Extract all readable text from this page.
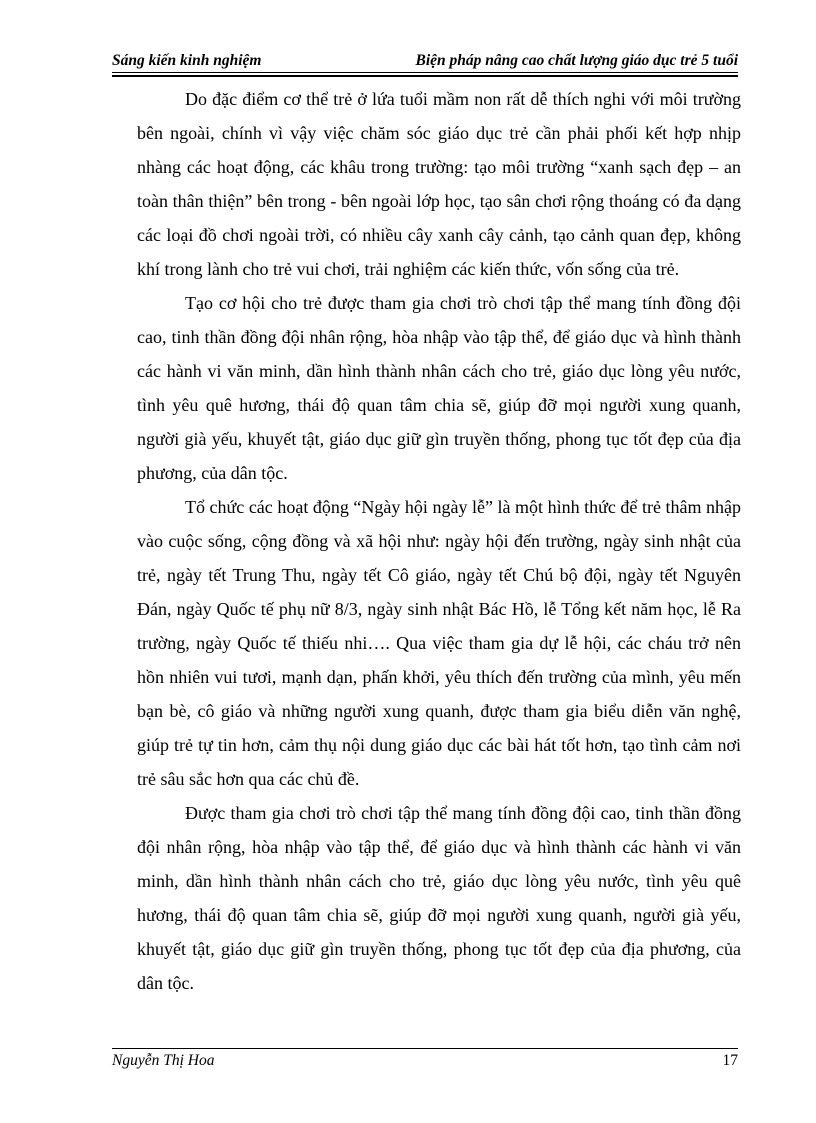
Sáng kiến kinh nghiệm	Biện pháp nâng cao chất lượng giáo dục trẻ 5 tuổi

Do đặc điểm cơ thể trẻ ở lứa tuổi mầm non rất dễ thích nghi với môi trường bên ngoài, chính vì vậy việc chăm sóc giáo dục trẻ cần phải phối kết hợp nhịp nhàng các hoạt động, các khâu trong trường: tạo môi trường “xanh sạch đẹp – an toàn thân thiện” bên trong - bên ngoài lớp học, tạo sân chơi rộng thoáng có đa dạng các loại đồ chơi ngoài trời, có nhiều cây xanh cây cảnh, tạo cảnh quan đẹp, không khí trong lành cho trẻ vui chơi, trải nghiệm các kiến thức, vốn sống của trẻ.

Tạo cơ hội cho trẻ được tham gia chơi trò chơi tập thể mang tính đồng đội cao, tinh thần đồng đội nhân rộng, hòa nhập vào tập thể, để giáo dục và hình thành các hành vi văn minh, dần hình thành nhân cách cho trẻ, giáo dục lòng yêu nước, tình yêu quê hương, thái độ quan tâm chia sẽ, giúp đỡ mọi người xung quanh, người già yếu, khuyết tật, giáo dục giữ gìn truyền thống, phong tục tốt đẹp của địa phương, của dân tộc.

Tổ chức các hoạt động “Ngày hội ngày lễ” là một hình thức để trẻ thâm nhập vào cuộc sống, cộng đồng và xã hội như: ngày hội đến trường, ngày sinh nhật của trẻ, ngày tết Trung Thu, ngày tết Cô giáo, ngày tết Chú bộ đội, ngày tết Nguyên Đán, ngày Quốc tế phụ nữ 8/3, ngày sinh nhật Bác Hồ, lễ Tổng kết năm học, lễ Ra trường, ngày Quốc tế thiếu nhi…. Qua việc tham gia dự lễ hội, các cháu trở nên hồn nhiên vui tươi, mạnh dạn, phấn khởi, yêu thích đến trường của mình, yêu mến bạn bè, cô giáo và những người xung quanh, được tham gia biểu diễn văn nghệ, giúp trẻ tự tin hơn, cảm thụ nội dung giáo dục các bài hát tốt hơn, tạo tình cảm nơi trẻ sâu sắc hơn qua các chủ đề.

Được tham gia chơi trò chơi tập thể mang tính đồng đội cao, tinh thần đồng đội nhân rộng, hòa nhập vào tập thể, để giáo dục và hình thành các hành vi văn minh, dần hình thành nhân cách cho trẻ, giáo dục lòng yêu nước, tình yêu quê hương, thái độ quan tâm chia sẽ, giúp đỡ mọi người xung quanh, người già yếu, khuyết tật, giáo dục giữ gìn truyền thống, phong tục tốt đẹp của địa phương, của dân tộc.

Nguyễn Thị Hoa	17
